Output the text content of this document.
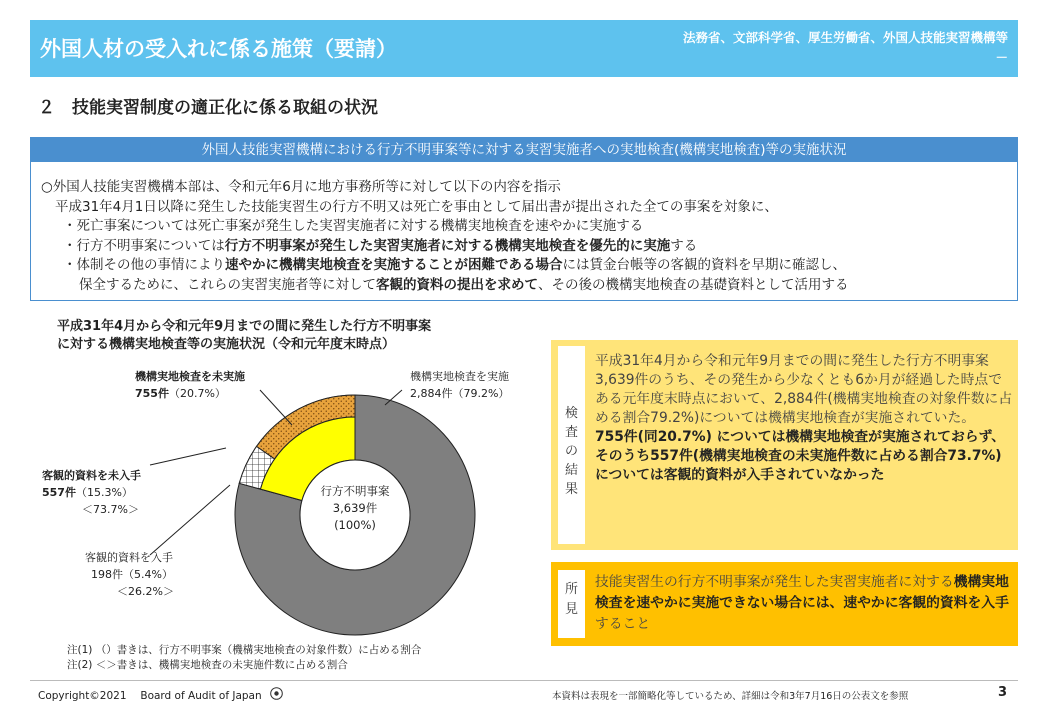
外国人材の受入れに係る施策（要請）	法務省、文部科学省、厚生労働省、外国人技能実習機構等
－
２　技能実習制度の適正化に係る取組の状況
外国人技能実習機構における行方不明事案等に対する実習実施者への実地検査(機構実地検査)等の実施状況
○外国人技能実習機構本部は、令和元年6月に地方事務所等に対して以下の内容を指示
平成31年4月1日以降に発生した技能実習生の行方不明又は死亡を事由として届出書が提出された全ての事案を対象に、
・死亡事案については死亡事案が発生した実習実施者に対する機構実地検査を速やかに実施する
・行方不明事案については行方不明事案が発生した実習実施者に対する機構実地検査を優先的に実施する
・体制その他の事情により速やかに機構実地検査を実施することが困難である場合には賃金台帳等の客観的資料を早期に確認し、
保全するために、これらの実習実施者等に対して客観的資料の提出を求めて、その後の機構実地検査の基礎資料として活用する
平成31年4月から令和元年9月までの間に発生した行方不明事案
に対する機構実地検査等の実施状況（令和元年度末時点）
行方不明事案
3,639件
(100%)
機構実地検査を実施
2,884件（79.2%）
機構実地検査を未実施
755件（20.7%）
客観的資料を未入手
557件（15.3%）
＜73.7%＞
客観的資料を入手
198件（5.4%）
＜26.2%＞
注(1) （）書きは、行方不明事案（機構実地検査の対象件数）に占める割合
注(2) ＜＞書きは、機構実地検査の未実施件数に占める割合
検
査
の
結
果
平成31年4月から令和元年9月までの間に発生した行方不明事案3,639件のうち、その発生から少なくとも6か月が経過した時点である元年度末時点において、2,884件(機構実地検査の対象件数に占める割合79.2%)については機構実地検査が実施されていた。
755件(同20.7%) については機構実地検査が実施されておらず、そのうち557件(機構実地検査の未実施件数に占める割合73.7%)については客観的資料が入手されていなかった
所
見
技能実習生の行方不明事案が発生した実習実施者に対する機構実地検査を速やかに実施できない場合には、速やかに客観的資料を入手すること
Copyright©2021　 Board of Audit of Japan	本資料は表現を一部簡略化等しているため、詳細は令和3年7月16日の公表文を参照	3
